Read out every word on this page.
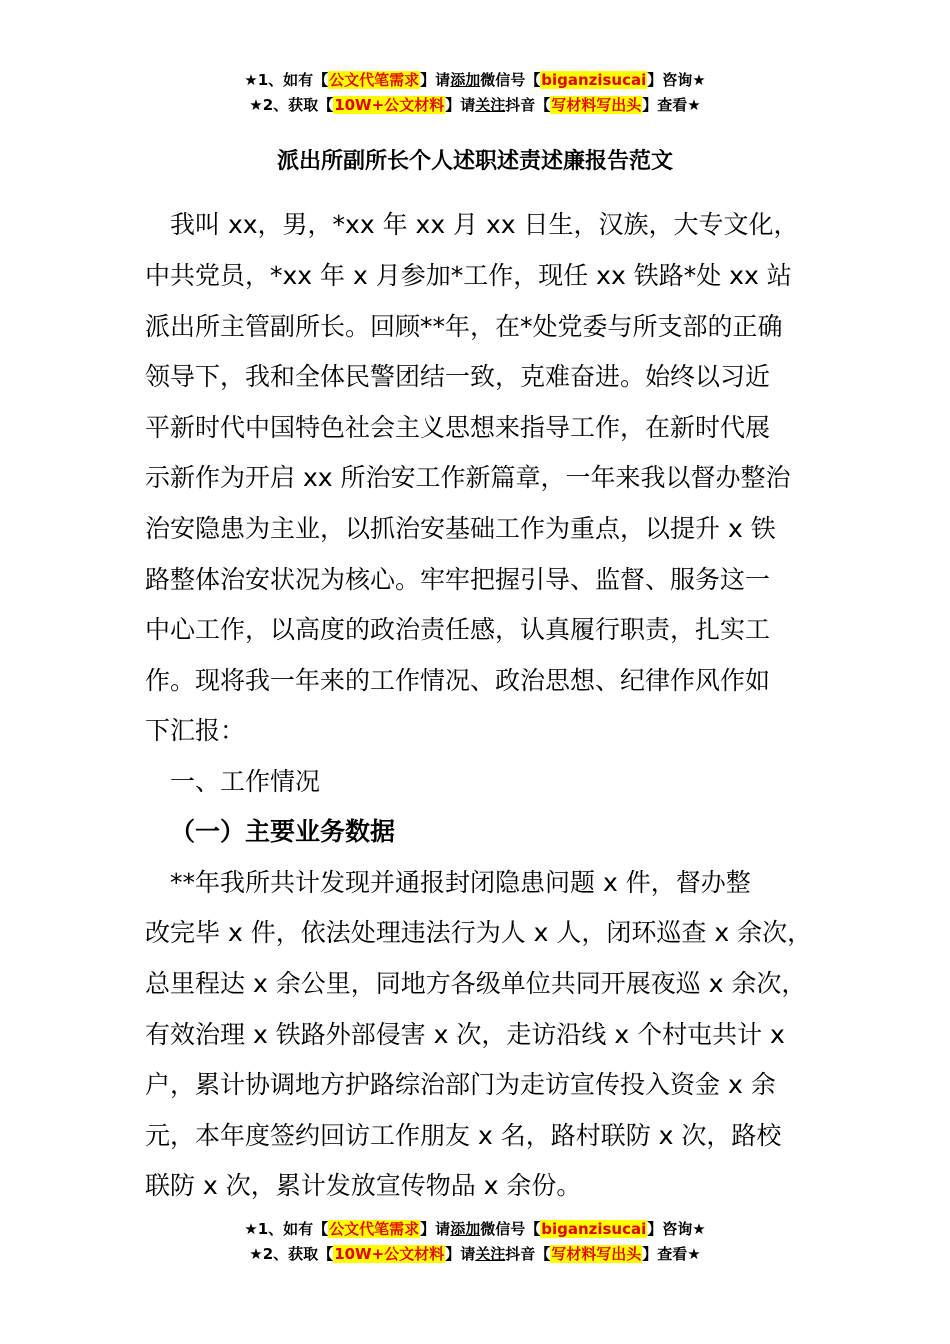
★1、如有【公文代笔需求】请添加微信号【biganzisucai】咨询★
★2、获取【10W+公文材料】请关注抖音【写材料写出头】查看★
派出所副所长个人述职述责述廉报告范文
　我叫 xx，男，*xx 年 xx 月 xx 日生，汉族，大专文化，
中共党员，*xx 年 x 月参加*工作，现任 xx 铁路*处 xx 站
派出所主管副所长。回顾**年，在*处党委与所支部的正确
领导下，我和全体民警团结一致，克难奋进。始终以习近
平新时代中国特色社会主义思想来指导工作，在新时代展
示新作为开启 xx 所治安工作新篇章，一年来我以督办整治
治安隐患为主业，以抓治安基础工作为重点，以提升 x 铁
路整体治安状况为核心。牢牢把握引导、监督、服务这一
中心工作，以高度的政治责任感，认真履行职责，扎实工
作。现将我一年来的工作情况、政治思想、纪律作风作如
下汇报：
　一、工作情况
（一）主要业务数据
　**年我所共计发现并通报封闭隐患问题 x 件，督办整
改完毕 x 件，依法处理违法行为人 x 人，闭环巡查 x 余次，
总里程达 x 余公里，同地方各级单位共同开展夜巡 x 余次，
有效治理 x 铁路外部侵害 x 次，走访沿线 x 个村屯共计 x
户，累计协调地方护路综治部门为走访宣传投入资金 x 余
元，本年度签约回访工作朋友 x 名，路村联防 x 次，路校
联防 x 次，累计发放宣传物品 x 余份。
★1、如有【公文代笔需求】请添加微信号【biganzisucai】咨询★
★2、获取【10W+公文材料】请关注抖音【写材料写出头】查看★
